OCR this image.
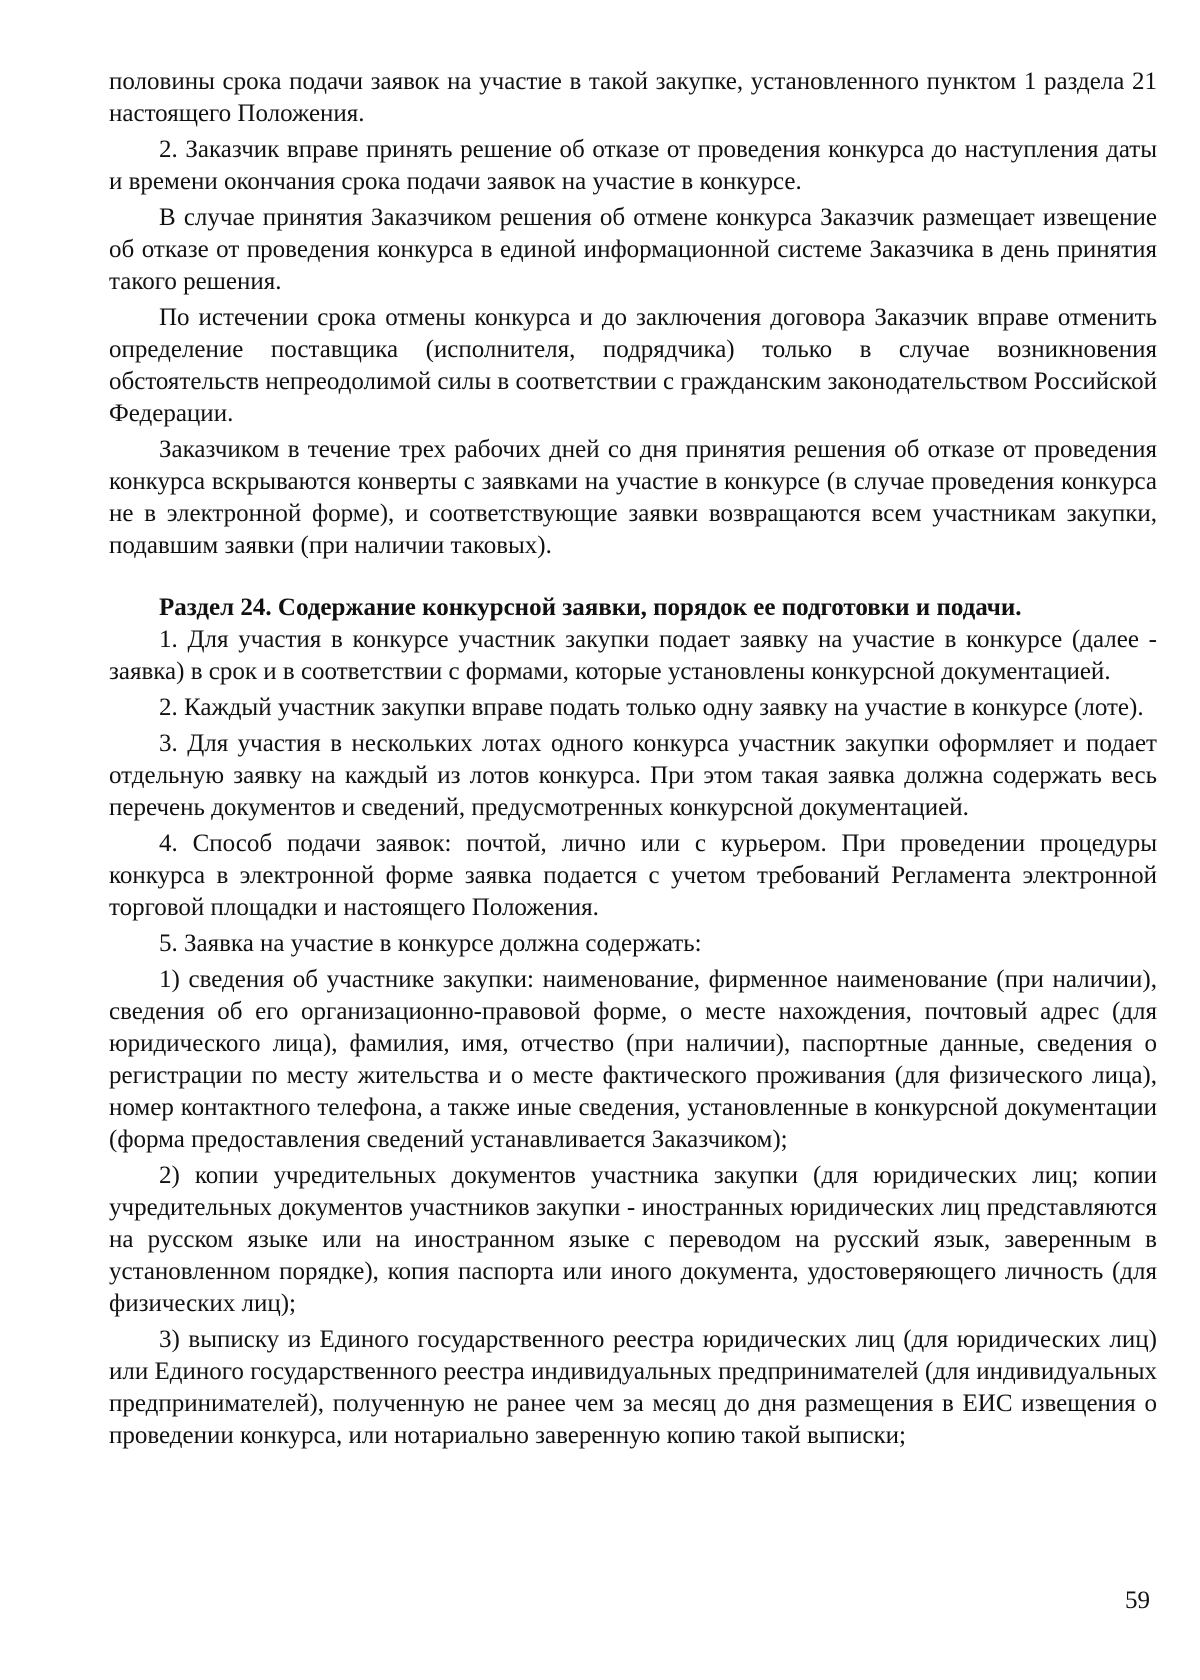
половины срока подачи заявок на участие в такой закупке, установленного пунктом 1 раздела 21 настоящего Положения.

2. Заказчик вправе принять решение об отказе от проведения конкурса до наступления даты и времени окончания срока подачи заявок на участие в конкурсе.

В случае принятия Заказчиком решения об отмене конкурса Заказчик размещает извещение об отказе от проведения конкурса в единой информационной системе Заказчика в день принятия такого решения.

По истечении срока отмены конкурса и до заключения договора Заказчик вправе отменить определение поставщика (исполнителя, подрядчика) только в случае возникновения обстоятельств непреодолимой силы в соответствии с гражданским законодательством Российской Федерации.

Заказчиком в течение трех рабочих дней со дня принятия решения об отказе от проведения конкурса вскрываются конверты с заявками на участие в конкурсе (в случае проведения конкурса не в электронной форме), и соответствующие заявки возвращаются всем участникам закупки, подавшим заявки (при наличии таковых).

Раздел 24. Содержание конкурсной заявки, порядок ее подготовки и подачи.

1. Для участия в конкурсе участник закупки подает заявку на участие в конкурсе (далее - заявка) в срок и в соответствии с формами, которые установлены конкурсной документацией.

2. Каждый участник закупки вправе подать только одну заявку на участие в конкурсе (лоте).

3. Для участия в нескольких лотах одного конкурса участник закупки оформляет и подает отдельную заявку на каждый из лотов конкурса. При этом такая заявка должна содержать весь перечень документов и сведений, предусмотренных конкурсной документацией.

4. Способ подачи заявок: почтой, лично или с курьером. При проведении процедуры конкурса в электронной форме заявка подается с учетом требований Регламента электронной торговой площадки и настоящего Положения.

5. Заявка на участие в конкурсе должна содержать:

1) сведения об участнике закупки: наименование, фирменное наименование (при наличии), сведения об его организационно-правовой форме, о месте нахождения, почтовый адрес (для юридического лица), фамилия, имя, отчество (при наличии), паспортные данные, сведения о регистрации по месту жительства и о месте фактического проживания (для физического лица), номер контактного телефона, а также иные сведения, установленные в конкурсной документации (форма предоставления сведений устанавливается Заказчиком);

2) копии учредительных документов участника закупки (для юридических лиц; копии учредительных документов участников закупки - иностранных юридических лиц представляются на русском языке или на иностранном языке с переводом на русский язык, заверенным в установленном порядке), копия паспорта или иного документа, удостоверяющего личность (для физических лиц);

3) выписку из Единого государственного реестра юридических лиц (для юридических лиц) или Единого государственного реестра индивидуальных предпринимателей (для индивидуальных предпринимателей), полученную не ранее чем за месяц до дня размещения в ЕИС извещения о проведении конкурса, или нотариально заверенную копию такой выписки;

59
